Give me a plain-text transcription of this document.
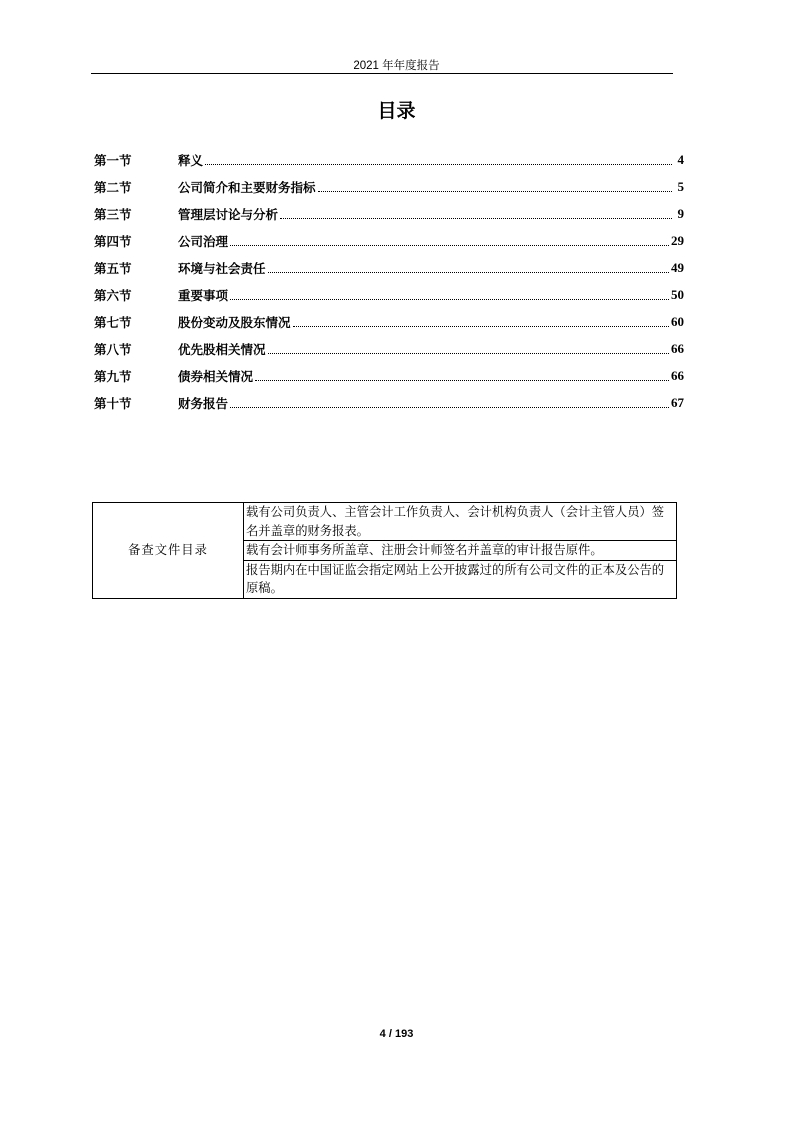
2021 年年度报告
目录
第一节	释义	4
第二节	公司简介和主要财务指标	5
第三节	管理层讨论与分析	9
第四节	公司治理	29
第五节	环境与社会责任	49
第六节	重要事项	50
第七节	股份变动及股东情况	60
第八节	优先股相关情况	66
第九节	债券相关情况	66
第十节	财务报告	67
备查文件目录	载有公司负责人、主管会计工作负责人、会计机构负责人（会计主管人员）签名并盖章的财务报表。
载有会计师事务所盖章、注册会计师签名并盖章的审计报告原件。
报告期内在中国证监会指定网站上公开披露过的所有公司文件的正本及公告的原稿。
4 / 193
